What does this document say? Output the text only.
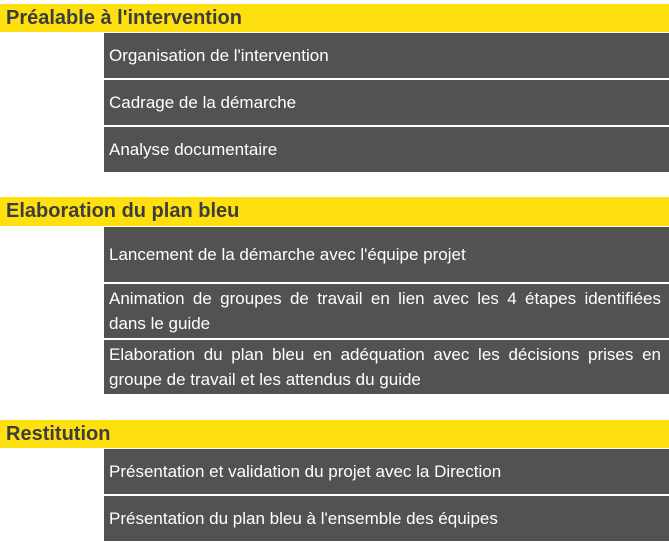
Préalable à l'intervention
Organisation de l'intervention
Cadrage de la démarche
Analyse documentaire
Elaboration du plan bleu
Lancement de la démarche avec l'équipe projet
Animation de groupes de travail en lien avec les 4 étapes identifiées dans le guide
Elaboration du plan bleu en adéquation avec les décisions prises en groupe de travail et les attendus du guide
Restitution
Présentation et validation du projet avec la Direction
Présentation du plan bleu à l'ensemble des équipes
